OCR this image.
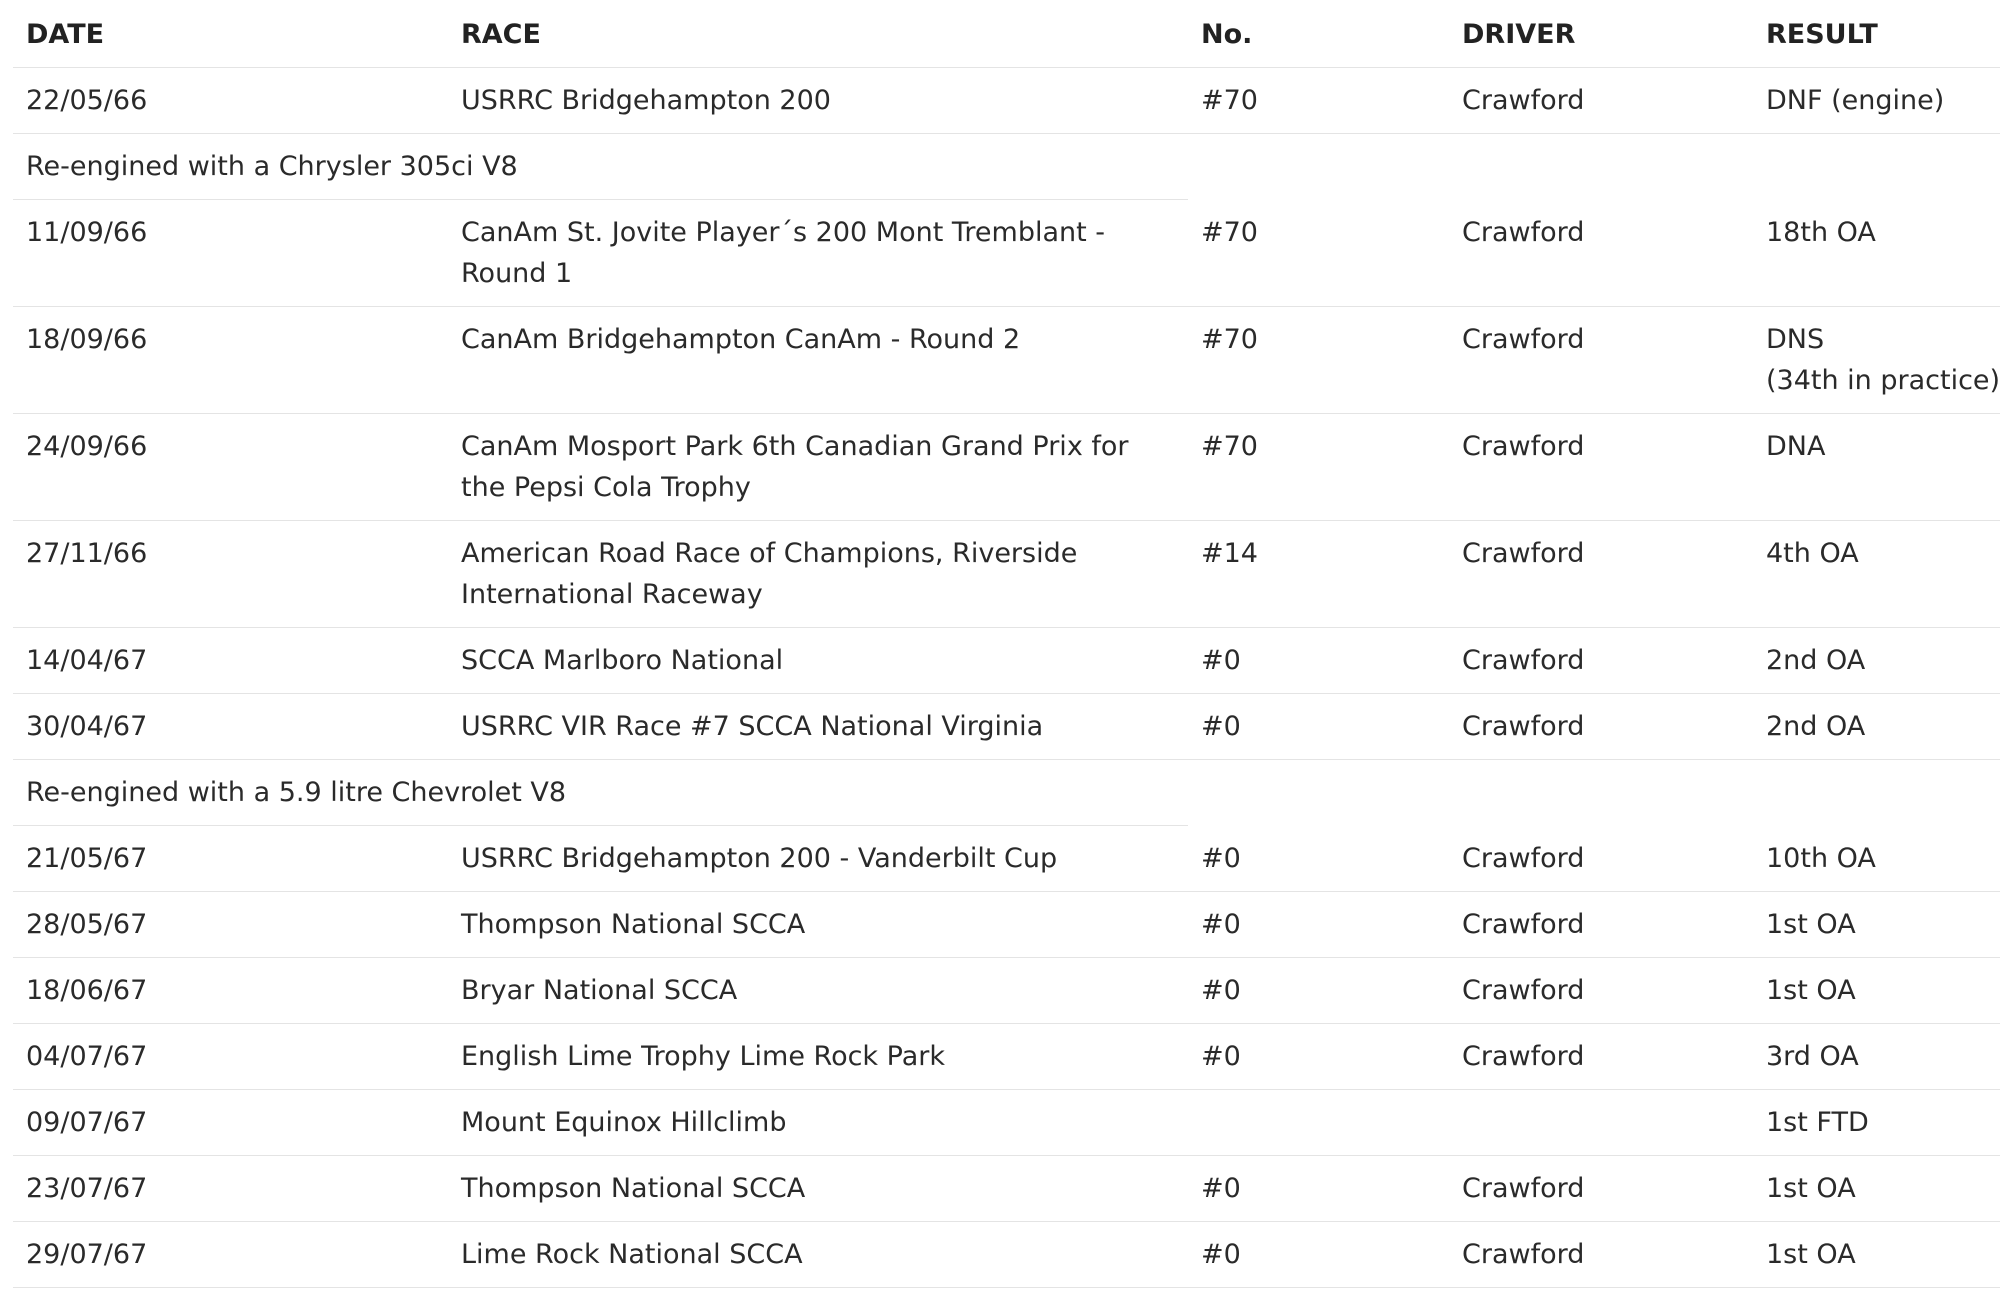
DATE	RACE	No.	DRIVER	RESULT
22/05/66	USRRC Bridgehampton 200	#70	Crawford	DNF (engine)

Re-engined with a Chrysler 305ci V8				
11/09/66	CanAm St. Jovite Player´s 200 Mont Tremblant - Round 1	#70	Crawford	18th OA

18/09/66	CanAm Bridgehampton CanAm - Round 2	#70	Crawford	DNS
(34th in practice)

24/09/66	CanAm Mosport Park 6th Canadian Grand Prix for the Pepsi Cola Trophy	#70	Crawford	DNA

27/11/66	American Road Race of Champions, Riverside International Raceway	#14	Crawford	4th OA

14/04/67	SCCA Marlboro National	#0	Crawford	2nd OA

30/04/67	USRRC VIR Race #7 SCCA National Virginia	#0	Crawford	2nd OA

Re-engined with a 5.9 litre Chevrolet V8				
21/05/67	USRRC Bridgehampton 200 - Vanderbilt Cup	#0	Crawford	10th OA

28/05/67	Thompson National SCCA	#0	Crawford	1st OA

18/06/67	Bryar National SCCA	#0	Crawford	1st OA

04/07/67	English Lime Trophy Lime Rock Park	#0	Crawford	3rd OA

09/07/67	Mount Equinox Hillclimb			1st FTD

23/07/67	Thompson National SCCA	#0	Crawford	1st OA

29/07/67	Lime Rock National SCCA	#0	Crawford	1st OA
